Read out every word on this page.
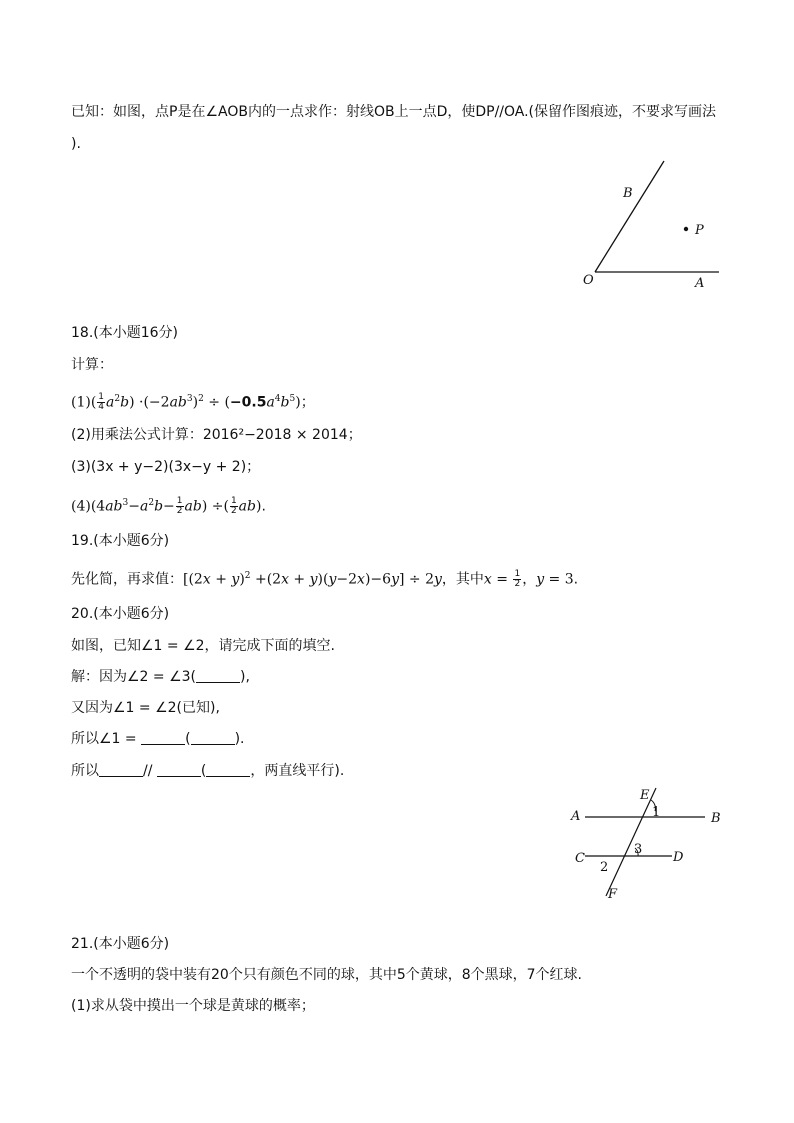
已知：如图，点P是在∠AOB内的一点求作：射线OB上一点D，使DP//OA.(保留作图痕迹，不要求写画法
).
B
P
O	A
18.(本小题16分)
计算：
$(1)( \frac{1}{4} a^2b) \cdot(-2ab^3)^2 \div (-0.5a^4b^5)$；
(2)用乘法公式计算：2016²−2018 × 2014；
(3)(3x + y−2)(3x−y + 2)；
$(4)(4ab^3-a^2b- \frac{1}{2} ab)$ ÷( $\frac{1}{2} ab$).
19.(本小题6分)
先化简，再求值：$[(2x + y)^2 +(2x + y)(y-2x)-6y] \div 2y$，其中$x = \frac{1}{2}$ ，y = 3.
20.(本小题6分)
如图，已知∠1 = ∠2，请完成下面的填空.
解：因为∠2 = ∠3(	),
又因为∠1 = ∠2(已知),
所以∠1 =	(	).
所以	//	(	，两直线平行).
E
1
A	B
C
3
D
2
F
21.(本小题6分)
一个不透明的袋中装有20个只有颜色不同的球，其中5个黄球，8个黑球，7个红球.
(1)求从袋中摸出一个球是黄球的概率；
